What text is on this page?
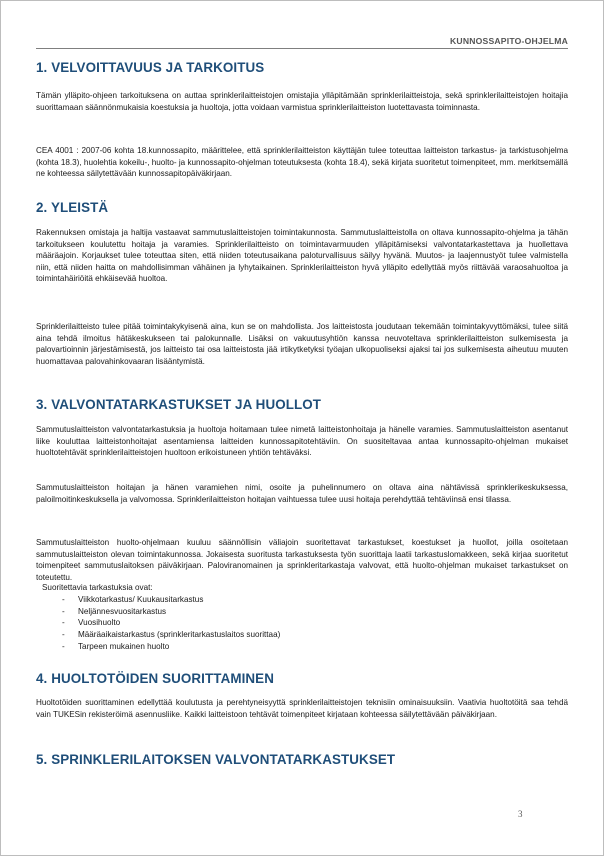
KUNNOSSAPITO-OHJELMA
1. VELVOITTAVUUS JA TARKOITUS

Tämän ylläpito-ohjeen tarkoituksena on auttaa sprinklerilaitteistojen omistajia ylläpitämään sprinklerilaitteistoja, sekä sprinklerilaitteistojen hoitajia suorittamaan säännönmukaisia koestuksia ja huoltoja, jotta voidaan varmistua sprinklerilaitteiston luotettavasta toiminnasta.

CEA 4001 : 2007-06 kohta 18.kunnossapito, määrittelee, että sprinklerilaitteiston käyttäjän tulee toteuttaa laitteiston tarkastus- ja tarkistusohjelma (kohta 18.3), huolehtia kokeilu-, huolto- ja kunnossapito-ohjelman toteutuksesta (kohta 18.4), sekä kirjata suoritetut toimenpiteet, mm. merkitsemällä ne kohteessa säilytettävään kunnossapitopäiväkirjaan.

2. YLEISTÄ

Rakennuksen omistaja ja haltija vastaavat sammutuslaitteistojen toimintakunnosta. Sammutuslaitteistolla on oltava kunnossapito-ohjelma ja tähän tarkoitukseen koulutettu hoitaja ja varamies. Sprinklerilaitteisto on toimintavarmuuden ylläpitämiseksi valvontatarkastettava ja huollettava määräajoin. Korjaukset tulee toteuttaa siten, että niiden toteutusaikana paloturvallisuus säilyy hyvänä. Muutos- ja laajennustyöt tulee valmistella niin, että niiden haitta on mahdollisimman vähäinen ja lyhytaikainen. Sprinklerilaitteiston hyvä ylläpito edellyttää myös riittävää varaosahuoltoa ja toimintahäiriöitä ehkäisevää huoltoa.

Sprinklerilaitteisto tulee pitää toimintakykyisenä aina, kun se on mahdollista. Jos laitteistosta joudutaan tekemään toimintakyvyttömäksi, tulee siitä aina tehdä ilmoitus hätäkeskukseen tai palokunnalle. Lisäksi on vakuutusyhtiön kanssa neuvoteltava sprinklerilaitteiston sulkemisesta ja palovartioinnin järjestämisestä, jos laitteisto tai osa laitteistosta jää irtikytketyksi työajan ulkopuoliseksi ajaksi tai jos sulkemisesta aiheutuu muuten huomattavaa palovahinkovaaran lisääntymistä.

3. VALVONTATARKASTUKSET JA HUOLLOT

Sammutuslaitteiston valvontatarkastuksia ja huoltoja hoitamaan tulee nimetä laitteistonhoitaja ja hänelle varamies. Sammutuslaitteiston asentanut liike kouluttaa laitteistonhoitajat asentamiensa laitteiden kunnossapitotehtäviin. On suositeltavaa antaa kunnossapito-ohjelman mukaiset huoltotehtävät sprinklerilaitteistojen huoltoon erikoistuneen yhtiön tehtäväksi.

Sammutuslaitteiston hoitajan ja hänen varamiehen nimi, osoite ja puhelinnumero on oltava aina nähtävissä sprinklerikeskuksessa, paloilmoitinkeskuksella ja valvomossa. Sprinklerilaitteiston hoitajan vaihtuessa tulee uusi hoitaja perehdyttää tehtäviinsä ensi tilassa.

Sammutuslaitteiston huolto-ohjelmaan kuuluu säännöllisin väliajoin suoritettavat tarkastukset, koestukset ja huollot, joilla osoitetaan sammutuslaitteiston olevan toimintakunnossa. Jokaisesta suoritusta tarkastuksesta työn suorittaja laatii tarkastuslomakkeen, sekä kirjaa suoritetut toimenpiteet sammutuslaitoksen päiväkirjaan. Paloviranomainen ja sprinkleritarkastaja valvovat, että huolto-ohjelman mukaiset tarkastukset on toteutettu.

Suoritettavia tarkastuksia ovat:

- Viikkotarkastus/ Kuukausitarkastus
- Neljännesvuositarkastus
- Vuosihuolto
- Määräaikaistarkastus (sprinkleritarkastuslaitos suorittaa)
- Tarpeen mukainen huolto
4. HUOLTOTÖIDEN SUORITTAMINEN

Huoltotöiden suorittaminen edellyttää koulutusta ja perehtyneisyyttä sprinklerilaitteistojen teknisiin ominaisuuksiin. Vaativia huoltotöitä saa tehdä vain TUKESin rekisteröimä asennusliike. Kaikki laitteistoon tehtävät toimenpiteet kirjataan kohteessa säilytettävään päiväkirjaan.

5. SPRINKLERILAITOKSEN VALVONTATARKASTUKSET
3
